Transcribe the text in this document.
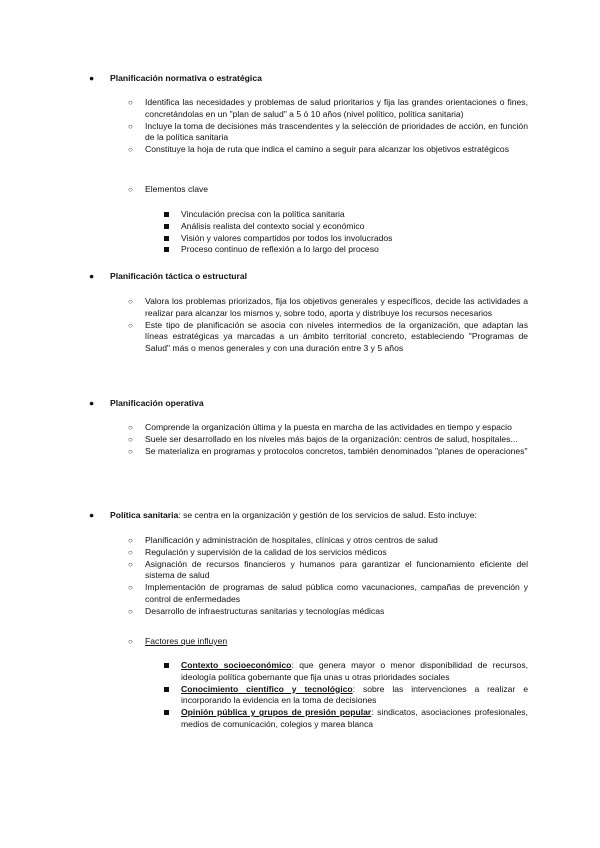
● Planificación normativa o estratégica
○ Identifica las necesidades y problemas de salud prioritarios y fija las grandes orientaciones o fines, concretándolas en un "plan de salud" a 5 ó 10 años (nivel político, política sanitaria)
○ Incluye la toma de decisiones más trascendentes y la selección de prioridades de acción, en función de la política sanitaria
○ Constituye la hoja de ruta que indica el camino a seguir para alcanzar los objetivos estratégicos
○ Elementos clave
Vinculación precisa con la política sanitaria
Análisis realista del contexto social y económico
Visión y valores compartidos por todos los involucrados
Proceso continuo de reflexión a lo largo del proceso
● Planificación táctica o estructural
○ Valora los problemas priorizados, fija los objetivos generales y específicos, decide las actividades a realizar para alcanzar los mismos y, sobre todo, aporta y distribuye los recursos necesarios
○ Este tipo de planificación se asocia con niveles intermedios de la organización, que adaptan las líneas estratégicas ya marcadas a un ámbito territorial concreto, estableciendo "Programas de Salud" más o menos generales y con una duración entre 3 y 5 años
● Planificación operativa
○ Comprende la organización última y la puesta en marcha de las actividades en tiempo y espacio
○ Suele ser desarrollado en los niveles más bajos de la organización: centros de salud, hospitales...
○ Se materializa en programas y protocolos concretos, también denominados "planes de operaciones"
● Política sanitaria: se centra en la organización y gestión de los servicios de salud. Esto incluye:
○ Planificación y administración de hospitales, clínicas y otros centros de salud
○ Regulación y supervisión de la calidad de los servicios médicos
○ Asignación de recursos financieros y humanos para garantizar el funcionamiento eficiente del sistema de salud
○ Implementación de programas de salud pública como vacunaciones, campañas de prevención y control de enfermedades
○ Desarrollo de infraestructuras sanitarias y tecnologías médicas
○ Factores que influyen
Contexto socioeconómico: que genera mayor o menor disponibilidad de recursos, ideología política gobernante que fija unas u otras prioridades sociales
Conocimiento científico y tecnológico: sobre las intervenciones a realizar e incorporando la evidencia en la toma de decisiones
Opinión pública y grupos de presión popular: sindicatos, asociaciones profesionales, medios de comunicación, colegios y marea blanca
